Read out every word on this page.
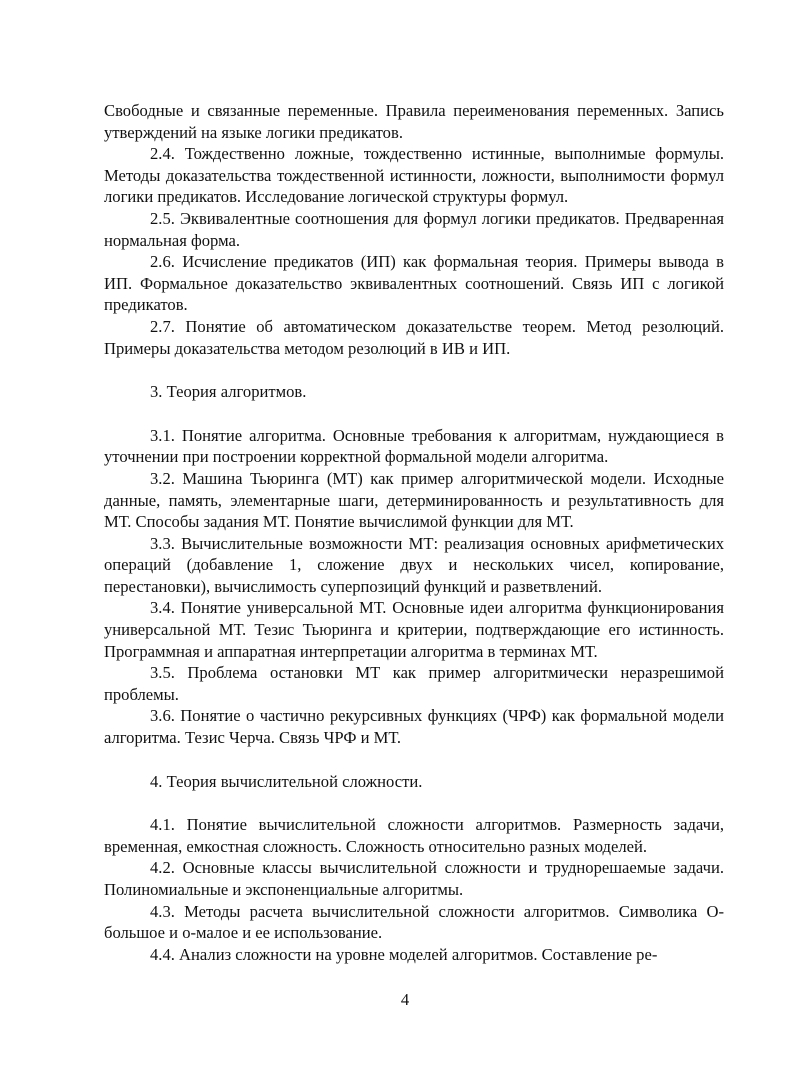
Свободные и связанные переменные. Правила переименования переменных. Запись утверждений на языке логики предикатов.

2.4. Тождественно ложные, тождественно истинные, выполнимые формулы. Методы доказательства тождественной истинности, ложности, выполнимости формул логики предикатов. Исследование логической структуры формул.

2.5. Эквивалентные соотношения для формул логики предикатов. Предваренная нормальная форма.

2.6. Исчисление предикатов (ИП) как формальная теория. Примеры вывода в ИП. Формальное доказательство эквивалентных соотношений. Связь ИП с логикой предикатов.

2.7. Понятие об автоматическом доказательстве теорем. Метод резолюций. Примеры доказательства методом резолюций в ИВ и ИП.

3. Теория алгоритмов.

3.1. Понятие алгоритма. Основные требования к алгоритмам, нуждающиеся в уточнении при построении корректной формальной модели алгоритма.

3.2. Машина Тьюринга (МТ) как пример алгоритмической модели. Исходные данные, память, элементарные шаги, детерминированность и результативность для МТ. Способы задания МТ. Понятие вычислимой функции для МТ.

3.3. Вычислительные возможности МТ: реализация основных арифметических операций (добавление 1, сложение двух и нескольких чисел, копирование, перестановки), вычислимость суперпозиций функций и разветвлений.

3.4. Понятие универсальной МТ. Основные идеи алгоритма функционирования универсальной МТ. Тезис Тьюринга и критерии, подтверждающие его истинность. Программная и аппаратная интерпретации алгоритма в терминах МТ.

3.5. Проблема остановки МТ как пример алгоритмически неразрешимой проблемы.

3.6. Понятие о частично рекурсивных функциях (ЧРФ) как формальной модели алгоритма. Тезис Черча. Связь ЧРФ и МТ.

4. Теория вычислительной сложности.

4.1. Понятие вычислительной сложности алгоритмов. Размерность задачи, временная, емкостная сложность. Сложность относительно разных моделей.

4.2. Основные классы вычислительной сложности и труднорешаемые задачи. Полиномиальные и экспоненциальные алгоритмы.

4.3. Методы расчета вычислительной сложности алгоритмов. Символика О-большое и о-малое и ее использование.

4.4. Анализ сложности на уровне моделей алгоритмов. Составление ре-

4
